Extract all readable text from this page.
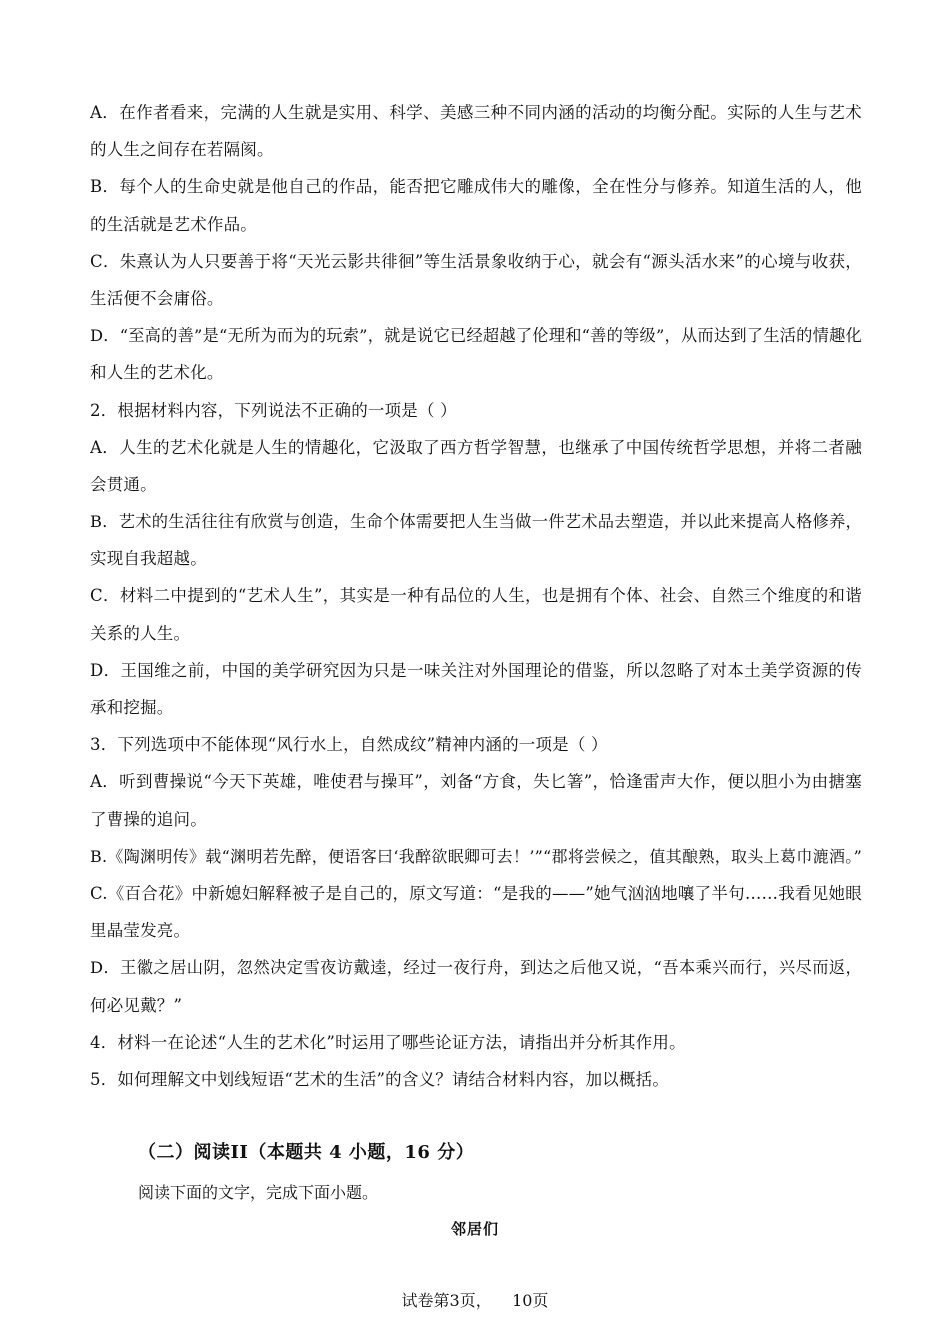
A．在作者看来，完满的人生就是实用、科学、美感三种不同内涵的活动的均衡分配。实际的人生与艺术
的人生之间存在若隔阂。
B．每个人的生命史就是他自己的作品，能否把它雕成伟大的雕像，全在性分与修养。知道生活的人，他
的生活就是艺术作品。
C．朱熹认为人只要善于将“天光云影共徘徊”等生活景象收纳于心，就会有“源头活水来”的心境与收获，
生活便不会庸俗。
D．“至高的善”是“无所为而为的玩索”，就是说它已经超越了伦理和“善的等级”，从而达到了生活的情趣化
和人生的艺术化。
2．根据材料内容，下列说法不正确的一项是（ ）
A．人生的艺术化就是人生的情趣化，它汲取了西方哲学智慧，也继承了中国传统哲学思想，并将二者融
会贯通。
B．艺术的生活往往有欣赏与创造，生命个体需要把人生当做一件艺术品去塑造，并以此来提高人格修养，
实现自我超越。
C．材料二中提到的“艺术人生”，其实是一种有品位的人生，也是拥有个体、社会、自然三个维度的和谐
关系的人生。
D．王国维之前，中国的美学研究因为只是一味关注对外国理论的借鉴，所以忽略了对本土美学资源的传
承和挖掘。
3．下列选项中不能体现“风行水上，自然成纹”精神内涵的一项是（ ）
A．听到曹操说“今天下英雄，唯使君与操耳”，刘备“方食，失匕箸”，恰逢雷声大作，便以胆小为由搪塞
了曹操的追问。
B.《陶渊明传》载“渊明若先醉，便语客曰‘我醉欲眠卿可去！’”“郡将尝候之，值其酿熟，取头上葛巾漉酒。”
C.《百合花》中新媳妇解释被子是自己的，原文写道：“是我的——”她气汹汹地嚷了半句……我看见她眼
里晶莹发亮。
D．王徽之居山阴，忽然决定雪夜访戴逵，经过一夜行舟，到达之后他又说，“吾本乘兴而行，兴尽而返，
何必见戴？”
4．材料一在论述“人生的艺术化”时运用了哪些论证方法，请指出并分析其作用。
5．如何理解文中划线短语“艺术的生活”的含义？请结合材料内容，加以概括。
（二）阅读II（本题共 4 小题，16 分）
阅读下面的文字，完成下面小题。
邻居们
试卷第3页，    10页
